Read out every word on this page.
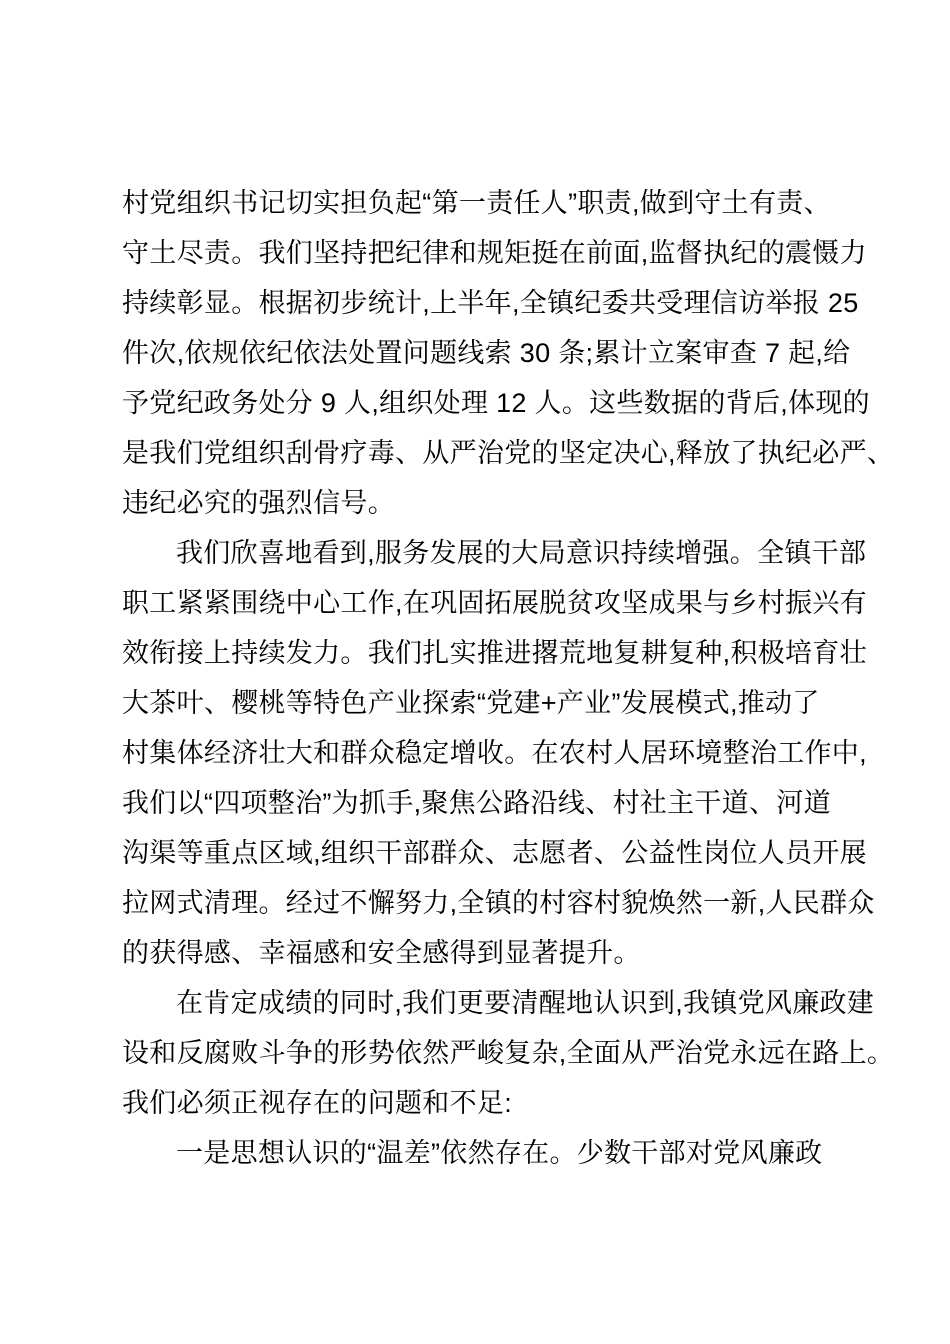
村党组织书记切实担负起“第一责任人”职责,做到守土有责、
守土尽责。我们坚持把纪律和规矩挺在前面,监督执纪的震慑力
持续彰显。根据初步统计,上半年,全镇纪委共受理信访举报 25
件次,依规依纪依法处置问题线索 30 条;累计立案审查 7 起,给
予党纪政务处分 9 人,组织处理 12 人。这些数据的背后,体现的
是我们党组织刮骨疗毒、从严治党的坚定决心,释放了执纪必严、
违纪必究的强烈信号。

我们欣喜地看到,服务发展的大局意识持续增强。全镇干部
职工紧紧围绕中心工作,在巩固拓展脱贫攻坚成果与乡村振兴有
效衔接上持续发力。我们扎实推进撂荒地复耕复种,积极培育壮
大茶叶、樱桃等特色产业探索“党建+产业”发展模式,推动了
村集体经济壮大和群众稳定增收。在农村人居环境整治工作中,
我们以“四项整治”为抓手,聚焦公路沿线、村社主干道、河道
沟渠等重点区域,组织干部群众、志愿者、公益性岗位人员开展
拉网式清理。经过不懈努力,全镇的村容村貌焕然一新,人民群众
的获得感、幸福感和安全感得到显著提升。

在肯定成绩的同时,我们更要清醒地认识到,我镇党风廉政建
设和反腐败斗争的形势依然严峻复杂,全面从严治党永远在路上。
我们必须正视存在的问题和不足:

一是思想认识的“温差”依然存在。少数干部对党风廉政
